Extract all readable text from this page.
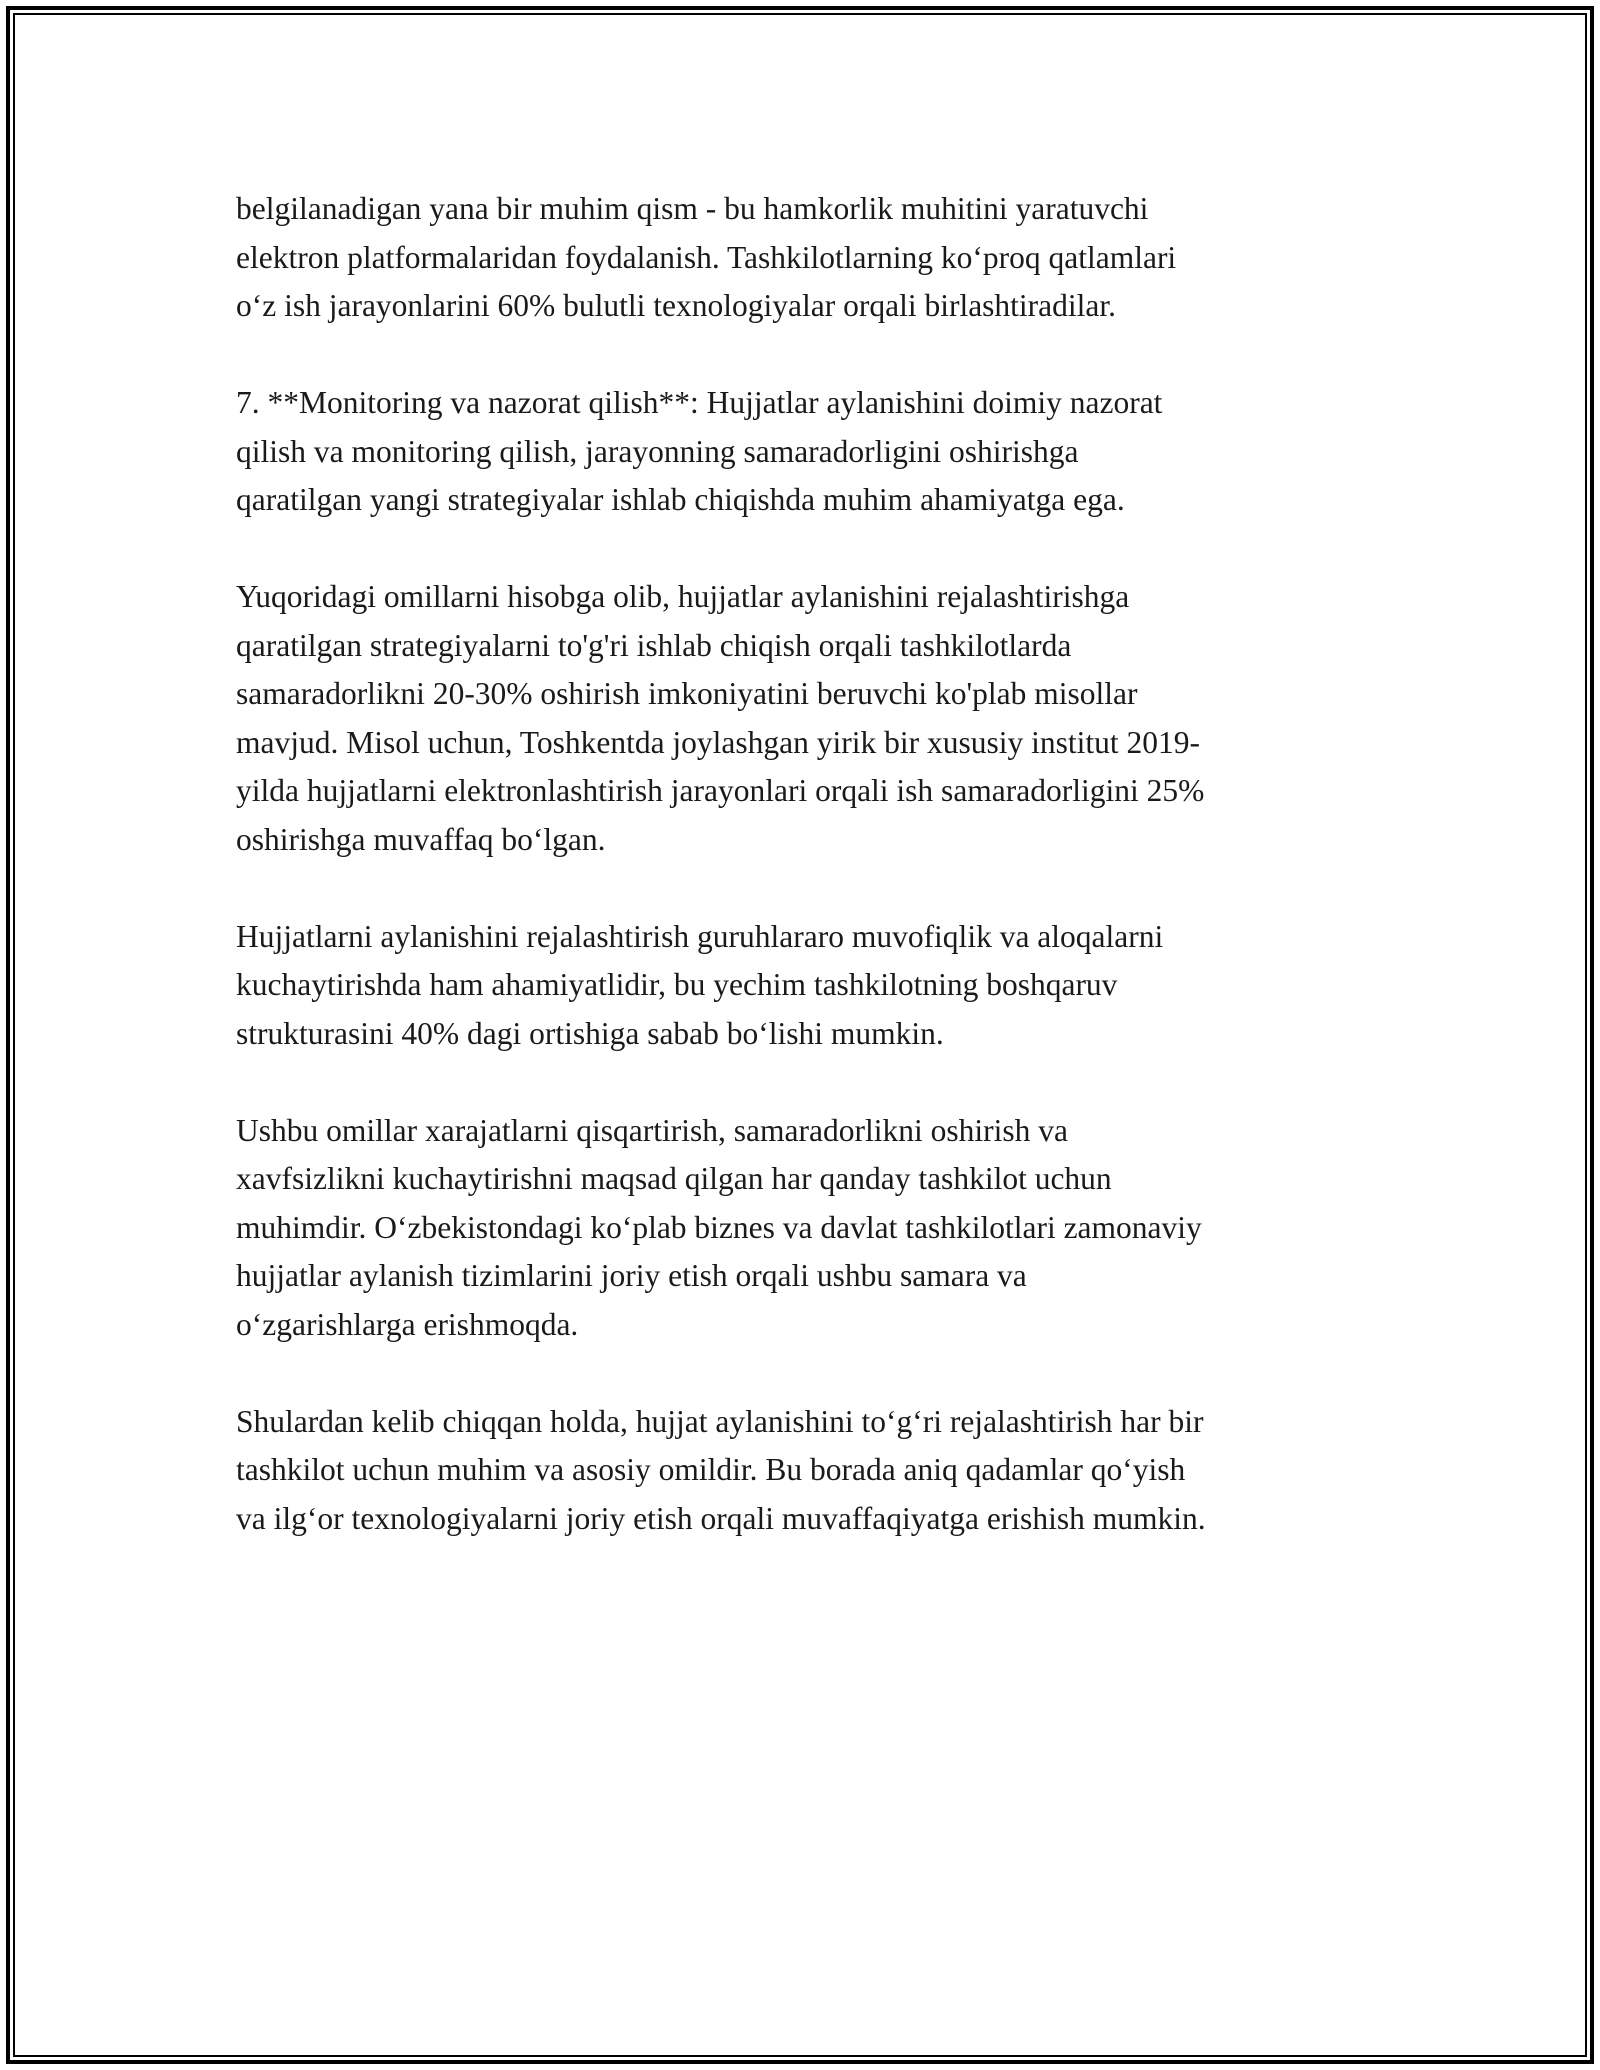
belgilanadigan yana bir muhim qism - bu hamkorlik muhitini yaratuvchi
elektron platformalaridan foydalanish. Tashkilotlarning ko‘proq qatlamlari
o‘z ish jarayonlarini 60% bulutli texnologiyalar orqali birlashtiradilar.

7. **Monitoring va nazorat qilish**: Hujjatlar aylanishini doimiy nazorat
qilish va monitoring qilish, jarayonning samaradorligini oshirishga
qaratilgan yangi strategiyalar ishlab chiqishda muhim ahamiyatga ega.

Yuqoridagi omillarni hisobga olib, hujjatlar aylanishini rejalashtirishga
qaratilgan strategiyalarni to'g'ri ishlab chiqish orqali tashkilotlarda
samaradorlikni 20-30% oshirish imkoniyatini beruvchi ko'plab misollar
mavjud. Misol uchun, Toshkentda joylashgan yirik bir xususiy institut 2019-
yilda hujjatlarni elektronlashtirish jarayonlari orqali ish samaradorligini 25%
oshirishga muvaffaq bo‘lgan.

Hujjatlarni aylanishini rejalashtirish guruhlararo muvofiqlik va aloqalarni
kuchaytirishda ham ahamiyatlidir, bu yechim tashkilotning boshqaruv
strukturasini 40% dagi ortishiga sabab bo‘lishi mumkin.

Ushbu omillar xarajatlarni qisqartirish, samaradorlikni oshirish va
xavfsizlikni kuchaytirishni maqsad qilgan har qanday tashkilot uchun
muhimdir. O‘zbekistondagi ko‘plab biznes va davlat tashkilotlari zamonaviy
hujjatlar aylanish tizimlarini joriy etish orqali ushbu samara va
o‘zgarishlarga erishmoqda.

Shulardan kelib chiqqan holda, hujjat aylanishini to‘g‘ri rejalashtirish har bir
tashkilot uchun muhim va asosiy omildir. Bu borada aniq qadamlar qo‘yish
va ilg‘or texnologiyalarni joriy etish orqali muvaffaqiyatga erishish mumkin.
